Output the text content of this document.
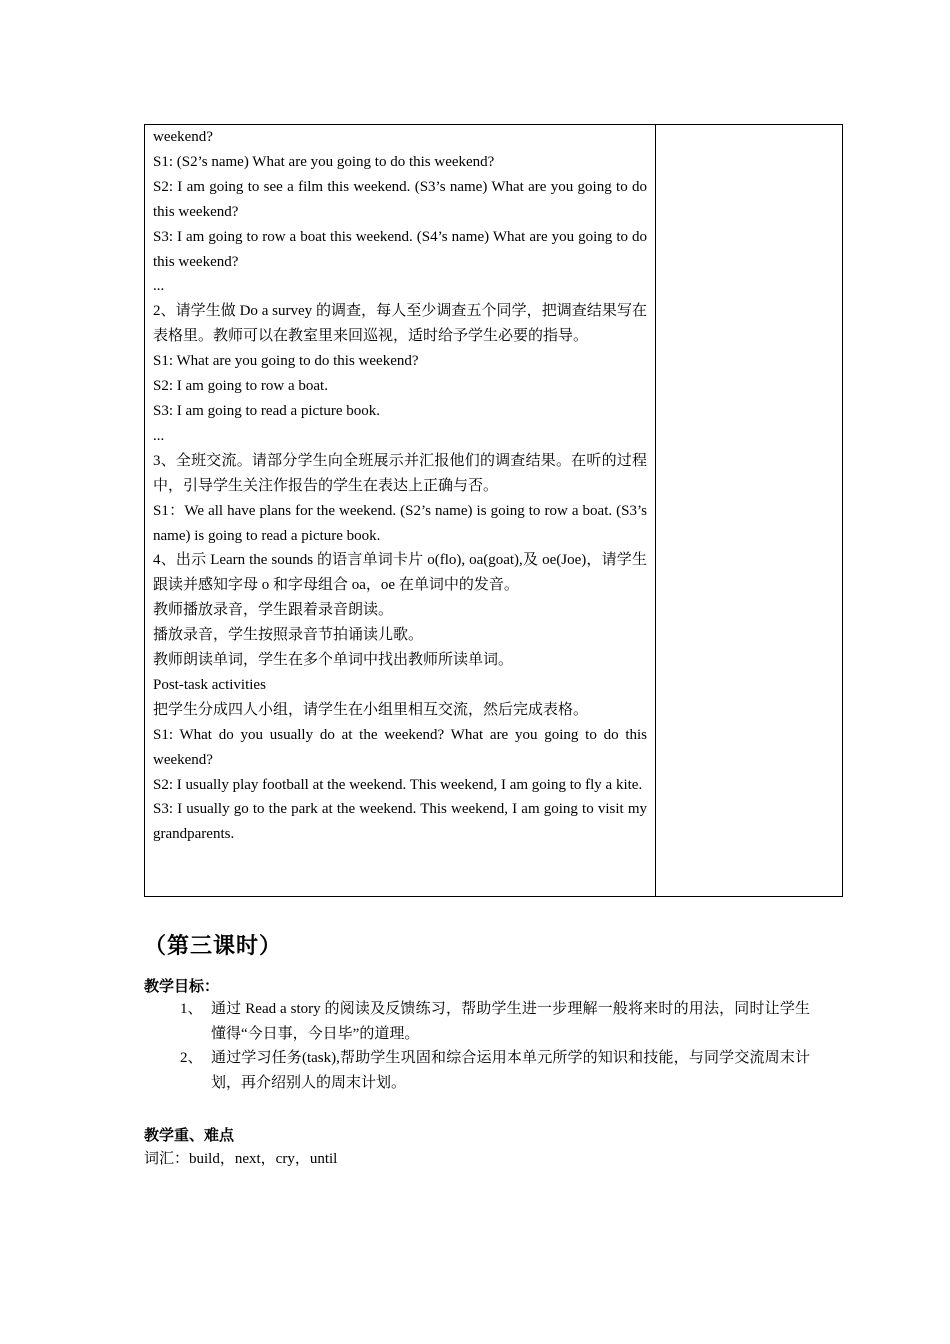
weekend?

S1: (S2’s name) What are you going to do this weekend?

S2: I am going to see a film this weekend. (S3’s name) What are you going to do this weekend?

S3: I am going to row a boat this weekend. (S4’s name) What are you going to do this weekend?

...

2、请学生做 Do a survey 的调查，每人至少调查五个同学，把调查结果写在表格里。教师可以在教室里来回巡视，适时给予学生必要的指导。

S1: What are you going to do this weekend?

S2: I am going to row a boat.

S3: I am going to read a picture book.

...

3、全班交流。请部分学生向全班展示并汇报他们的调查结果。在听的过程中，引导学生关注作报告的学生在表达上正确与否。

S1：We all have plans for the weekend. (S2’s name) is going to row a boat. (S3’s name) is going to read a picture book.

4、出示 Learn the sounds 的语言单词卡片 o(flo), oa(goat),及 oe(Joe)，请学生跟读并感知字母 o 和字母组合 oa，oe 在单词中的发音。

教师播放录音，学生跟着录音朗读。

播放录音，学生按照录音节拍诵读儿歌。

教师朗读单词，学生在多个单词中找出教师所读单词。

Post-task activities

把学生分成四人小组，请学生在小组里相互交流，然后完成表格。

S1: What do you usually do at the weekend? What are you going to do this weekend?

S2: I usually play football at the weekend. This weekend, I am going to fly a kite.

S3: I usually go to the park at the weekend. This weekend, I am going to visit my grandparents.

（第三课时）
教学目标：
1、 通过 Read a story 的阅读及反馈练习，帮助学生进一步理解一般将来时的用法，同时让学生懂得“今日事，今日毕”的道理。
2、 通过学习任务(task),帮助学生巩固和综合运用本单元所学的知识和技能，与同学交流周末计划，再介绍别人的周末计划。
教学重、难点
词汇：build，next，cry，until
